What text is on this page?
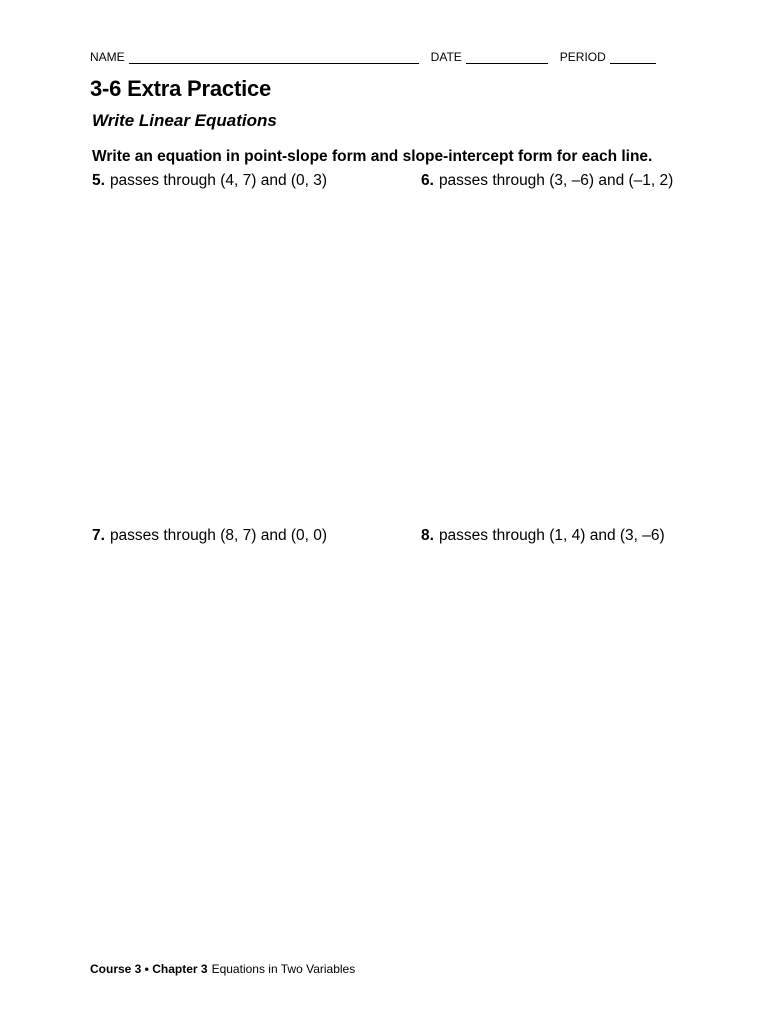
NAME	DATE	PERIOD
3-6 Extra Practice
Write Linear Equations
Write an equation in point-slope form and slope-intercept form for each line.
5. passes through (4, 7) and (0, 3)	6. passes through (3, –6) and (–1, 2)
7. passes through (8, 7) and (0, 0)	8. passes through (1, 4) and (3, –6)
Course 3 • Chapter 3 Equations in Two Variables
